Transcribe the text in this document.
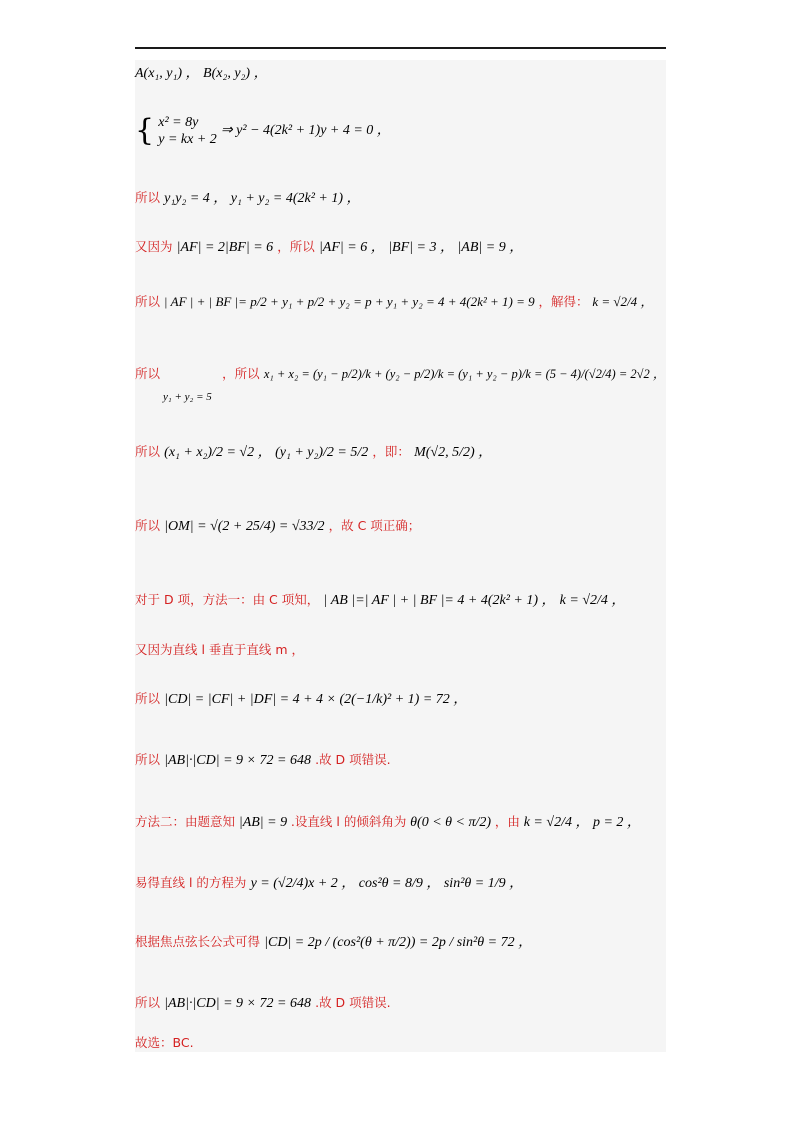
A(x₁, y₁) ， B(x₂, y₂) ，
{ x² = 8y
y = kx + 2
⇒ y² − 4(2k² + 1)y + 4 = 0 ，
所以 y₁y₂ = 4 ， y₁ + y₂ = 4(2k² + 1) ，
又因为 |AF| = 2|BF| = 6 ，所以 |AF| = 6 ， |BF| = 3 ， |AB| = 9 ，
所以 | AF | + | BF |= p/2 + y₁ + p/2 + y₂ = p + y₁ + y₂ = 4 + 4(2k² + 1) = 9 ，解得： k = √2/4 ，
所以	，所以 x₁ + x₂ = (y₁ − p/2)/k + (y₂ − p/2)/k = (y₁ + y₂ − p)/k = (5 − 4)/(√2/4) = 2√2 ，
y₁ + y₂ = 5
所以 (x₁ + x₂)/2 = √2 ， (y₁ + y₂)/2 = 5/2 ，即： M(√2, 5/2) ，
所以 |OM| = √(2 + 25/4) = √33/2 ，故 C 项正确；
对于 D 项，方法一：由 C 项知， | AB |=| AF | + | BF |= 4 + 4(2k² + 1) ， k = √2/4 ，
又因为直线 l 垂直于直线 m ，
所以 |CD| = |CF| + |DF| = 4 + 4 × (2(−1/k)² + 1) = 72 ，
所以 |AB|·|CD| = 9 × 72 = 648 .故 D 项错误.
方法二：由题意知 |AB| = 9 .设直线 l 的倾斜角为 θ(0 < θ < π/2) ，由 k = √2/4 ， p = 2 ，
易得直线 l 的方程为 y = (√2/4)x + 2 ， cos²θ = 8/9 ， sin²θ = 1/9 ，
根据焦点弦长公式可得 |CD| = 2p / (cos²(θ + π/2)) = 2p / sin²θ = 72 ，
所以 |AB|·|CD| = 9 × 72 = 648 .故 D 项错误.
故选：BC.
